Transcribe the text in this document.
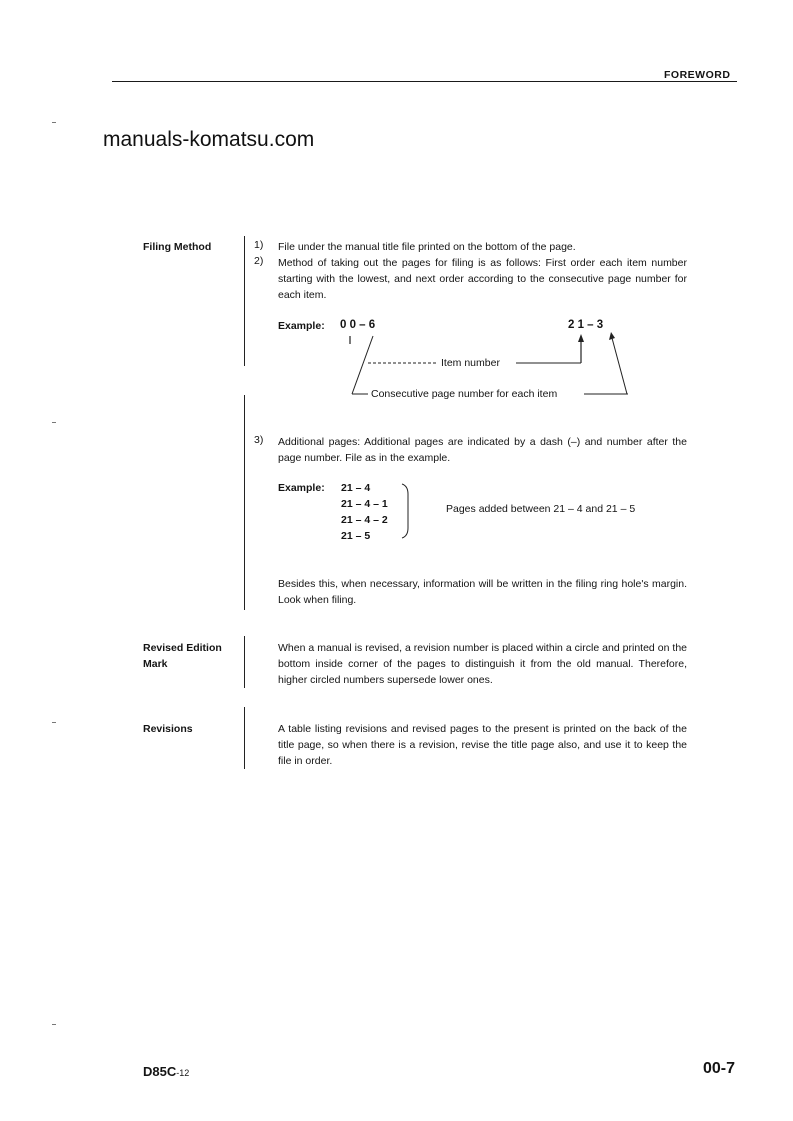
FOREWORD
manuals-komatsu.com
Filing Method	1) File under the manual title file printed on the bottom of the page.
2) Method of taking out the pages for filing is as follows: First order each item number starting with the lowest, and next order according to the consecutive page number for each item.
Example: 0 0 – 6	2 1 – 3
Item number
Consecutive page number for each item
3) Additional pages: Additional pages are indicated by a dash (–) and number after the page number. File as in the example.
Example: 21 – 4
21 – 4 – 1
21 – 4 – 2
21 – 5
Pages added between 21 – 4 and 21 – 5
Besides this, when necessary, information will be written in the filing ring hole's margin. Look when filing.
Revised Edition
Mark
When a manual is revised, a revision number is placed within a circle and printed on the bottom inside corner of the pages to distinguish it from the old manual. Therefore, higher circled numbers supersede lower ones.
Revisions	A table listing revisions and revised pages to the present is printed on the back of the title page, so when there is a revision, revise the title page also, and use it to keep the file in order.
D85C-12	00-7
